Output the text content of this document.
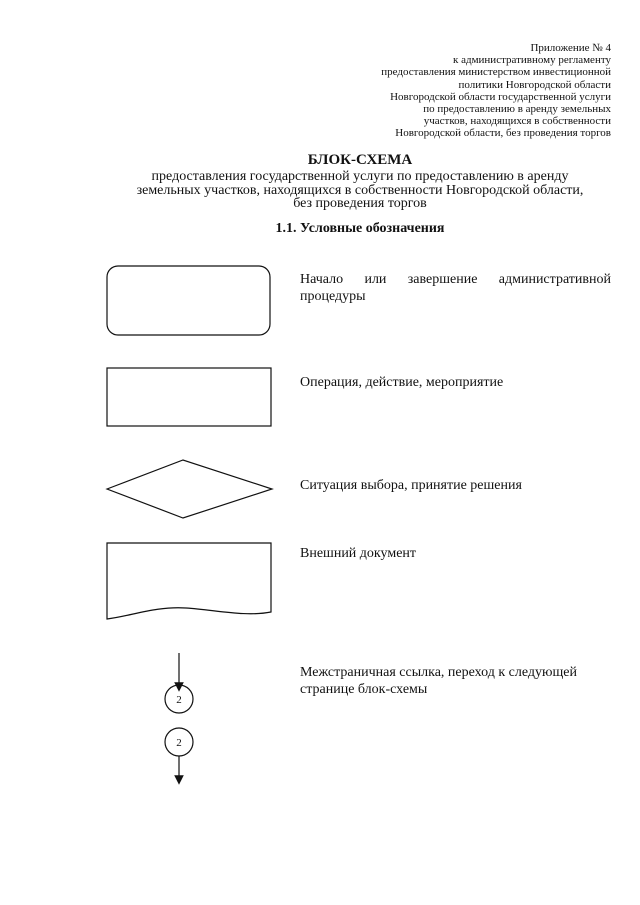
Приложение № 4
к административному регламенту
предоставления министерством инвестиционной
политики Новгородской области
Новгородской области государственной услуги
по предоставлению в аренду земельных
участков, находящихся в собственности
Новгородской области, без проведения торгов
БЛОК-СХЕМА
предоставления государственной услуги по предоставлению в аренду
земельных участков, находящихся в собственности Новгородской области,
без проведения торгов
1.1. Условные обозначения
Начало или завершение административной процедуры
Операция, действие, мероприятие
Ситуация выбора, принятие решения
Внешний документ
2
2
Межстраничная ссылка, переход к следующей странице блок-схемы
